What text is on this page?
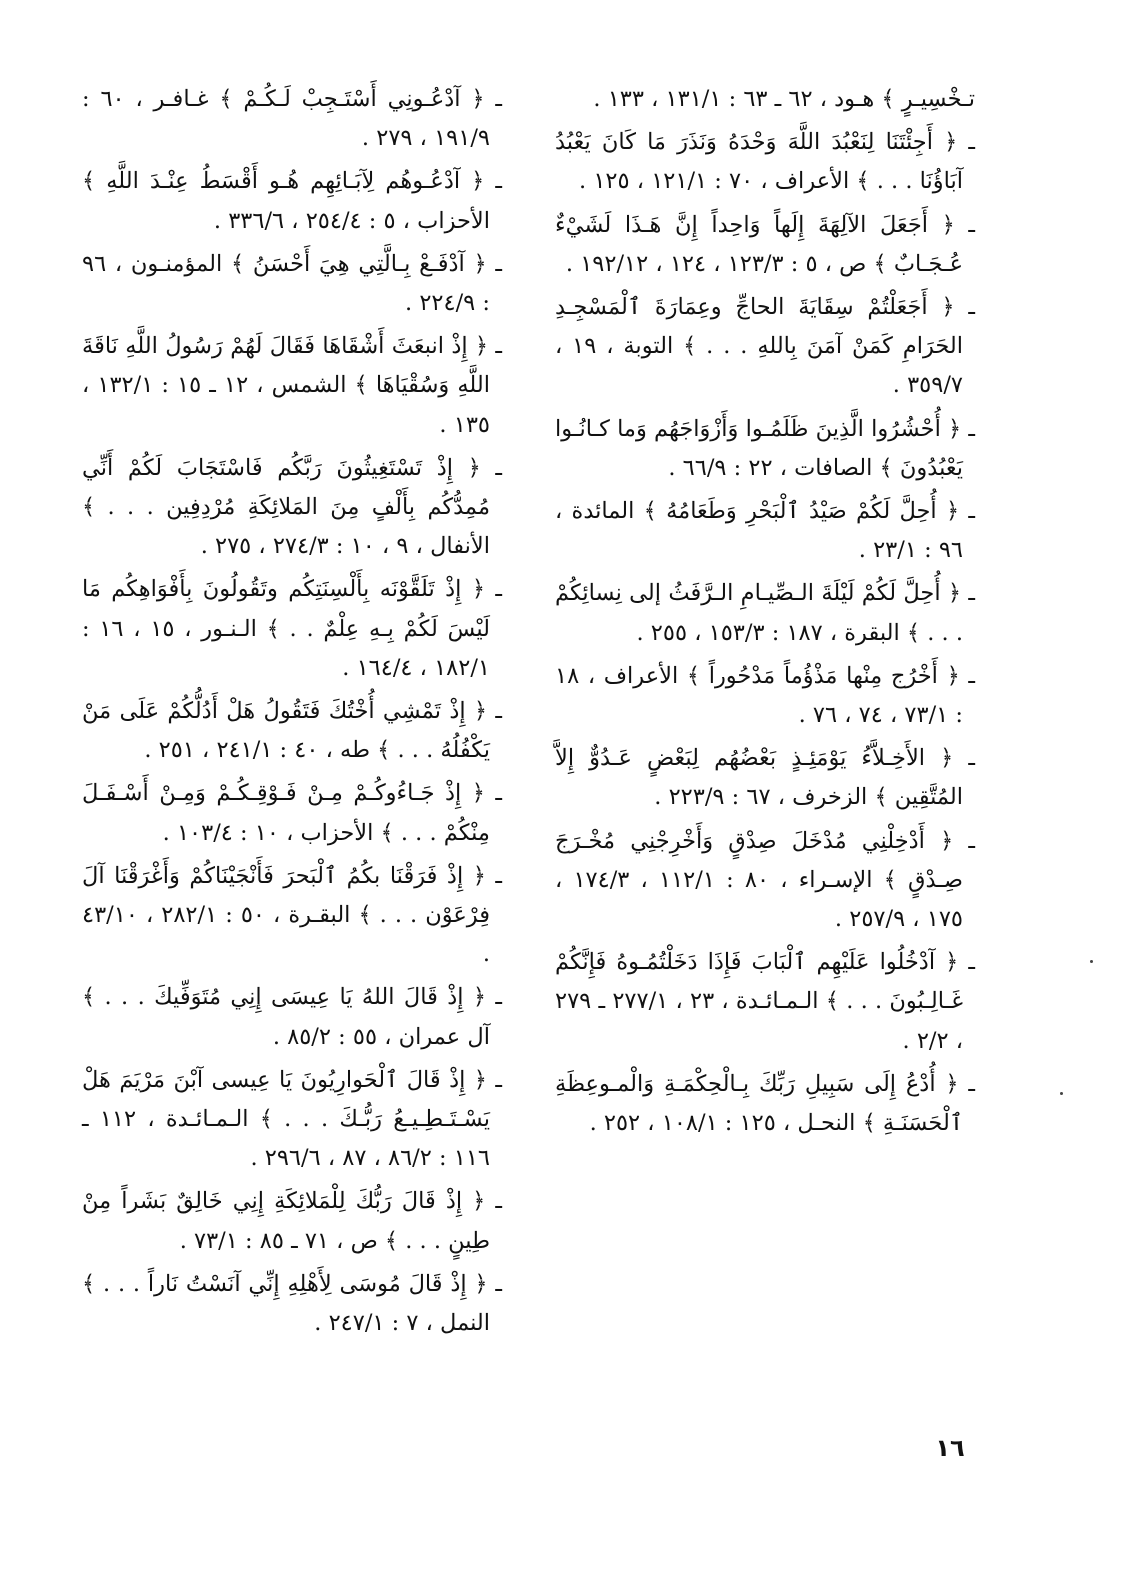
تـخْسِيـرٍ ﴾ هـود ، ٦٢ ـ ٦٣ : ١٣١/١ ، ١٣٣ .

ـ ﴿ أَجِئْتَنَا لِنَعْبُدَ اللَّهَ وَحْدَهُ وَنَذَرَ مَا كَانَ يَعْبُدُ آبَاؤُنَا . . . ﴾ الأعراف ، ٧٠ : ١٢١/١ ، ١٢٥ .

ـ ﴿ أَجَعَلَ الآلِهَةَ إِلَهاً وَاحِداً إِنَّ هَـذَا لَشَيْءٌ عُـجَـابٌ ﴾ ص ، ٥ : ١٢٣/٣ ، ١٢٤ ، ١٩٢/١٢ .

ـ ﴿ أَجَعَلْتُمْ سِقَايَةَ الحاجِّ وعِمَارَةَ ٱلْمَسْجِـدِ الحَرَامِ كَمَنْ آمَنَ بِاللهِ . . . ﴾ التوبة ، ١٩ ، ٣٥٩/٧ .

ـ ﴿ أُحْشُرُوا الَّذِينَ ظَلَمُـوا وَأَزْوَاجَهُم وَما كـانُـوا يَعْبُدُونَ ﴾ الصافات ، ٢٢ : ٦٦/٩ .

ـ ﴿ أُحِلَّ لَكُمْ صَيْدُ ٱلْبَحْرِ وَطَعَامُهُ ﴾ المائدة ، ٩٦ : ٢٣/١ .

ـ ﴿ أُحِلَّ لَكُمْ لَيْلَةَ الـصِّيـامِ الـرَّفَثُ إلى نِسائِكُمْ . . . ﴾ البقرة ، ١٨٧ : ١٥٣/٣ ، ٢٥٥ .

ـ ﴿ أَخْرُج مِنْها مَذْؤُماً مَدْحُوراً ﴾ الأعراف ، ١٨ : ٧٣/١ ، ٧٤ ، ٧٦ .

ـ ﴿ الأَخِـلاَّءُ يَوْمَئِـذٍ بَعْضُهُم لِبَعْضٍ عَـدُوٌّ إِلاَّ المُتَّقِين ﴾ الزخرف ، ٦٧ : ٢٢٣/٩ .

ـ ﴿ أَدْخِلْنِي مُدْخَلَ صِدْقٍ وَأَخْرِجْنِي مُخْـرَجَ صِـدْقٍ ﴾ الإسـراء ، ٨٠ : ١١٢/١ ، ١٧٤/٣ ، ١٧٥ ، ٢٥٧/٩ .

ـ ﴿ آدْخُلُوا عَلَيْهِم ٱلْبَابَ فَإِذَا دَخَلْتُمُـوهُ فَإِنَّكُمْ غَـالِـبُونَ . . . ﴾ الـمـائـدة ، ٢٣ ، ٢٧٧/١ ـ ٢٧٩ ، ٢/٢ .

ـ ﴿ أُدْعُ إِلَى سَبِيلِ رَبِّكَ بِـالْحِكْمَـةِ وَالْمـوعِظَةِ ٱلْحَسَنَـةِ ﴾ النحـل ، ١٢٥ : ١٠٨/١ ، ٢٥٢ .

ـ ﴿ آدْعُـونِي أَسْتَـجِبْ لَـكُـمْ ﴾ غـافـر ، ٦٠ : ١٩١/٩ ، ٢٧٩ .

ـ ﴿ آدْعُـوهُم لِآبَـائِهِم هُـو أَقْسَطُ عِنْـدَ اللَّهِ ﴾ الأحزاب ، ٥ : ٢٥٤/٤ ، ٣٣٦/٦ .

ـ ﴿ آدْفَـعْ بِـالَّتِي هِيَ أَحْسَنُ ﴾ المؤمنـون ، ٩٦ : ٢٢٤/٩ .

ـ ﴿ إِذْ انبعَثَ أَشْقَاهَا فَقَالَ لَهُمْ رَسُولُ اللَّهِ نَاقَةَ اللَّهِ وَسُقْيَاهَا ﴾ الشمس ، ١٢ ـ ١٥ : ١٣٢/١ ، ١٣٥ .

ـ ﴿ إِذْ تَسْتَغِيثُونَ رَبَّكُم فَاسْتَجَابَ لَكُمْ أَنِّي مُمِدُّكُم بِأَلْفٍ مِنَ المَلائِكَةِ مُرْدِفِين . . . ﴾ الأنفال ، ٩ ، ١٠ : ٢٧٤/٣ ، ٢٧٥ .

ـ ﴿ إِذْ تَلَقَّوْنَه بِأَلْسِنَتِكُم وتَقُولُونَ بِأَفْوَاهِكُم مَا لَيْسَ لَكُمْ بِـهِ عِلْمٌ . . ﴾ الـنـور ، ١٥ ، ١٦ : ١٨٢/١ ، ١٦٤/٤ .

ـ ﴿ إِذْ تَمْشِي أُخْتُكَ فَتَقُولُ هَلْ أَدُلُّكُمْ عَلَى مَنْ يَكْفُلُهُ . . . ﴾ طه ، ٤٠ : ٢٤١/١ ، ٢٥١ .

ـ ﴿ إِذْ جَـاءُوكُـمْ مِـنْ فَـوْقِـكُـمْ وَمِـنْ أَسْـفَـلَ مِنْكُمْ . . . ﴾ الأحزاب ، ١٠ : ١٠٣/٤ .

ـ ﴿ إِذْ فَرَقْنَا بكُمُ ٱلْبَحرَ فَأَنْجَيْنَاكُمْ وَأَغْرَقْنَا آلَ فِرْعَوْن . . . ﴾ البقـرة ، ٥٠ : ٢٨٢/١ ، ٤٣/١٠ .

ـ ﴿ إِذْ قَالَ اللهُ يَا عِيسَى إِنِي مُتَوَفِّيكَ . . . ﴾ آل عمران ، ٥٥ : ٨٥/٢ .

ـ ﴿ إِذْ قَالَ ٱلْحَوارِيُونَ يَا عِيسى آبْنَ مَرْيَمَ هَلْ يَسْـتَـطِـيـعُ رَبُّـكَ . . . ﴾ الـمـائـدة ، ١١٢ ـ ١١٦ : ٨٦/٢ ، ٨٧ ، ٢٩٦/٦ .

ـ ﴿ إِذْ قَالَ رَبُّكَ لِلْمَلائِكَةِ إِنِي خَالِقٌ بَشَراً مِنْ طِينٍ . . . ﴾ ص ، ٧١ ـ ٨٥ : ٧٣/١ .

ـ ﴿ إِذْ قَالَ مُوسَى لِأَهْلِهِ إِنِّي آنَسْتُ نَاراً . . . ﴾ النمل ، ٧ : ٢٤٧/١ .

١٦
